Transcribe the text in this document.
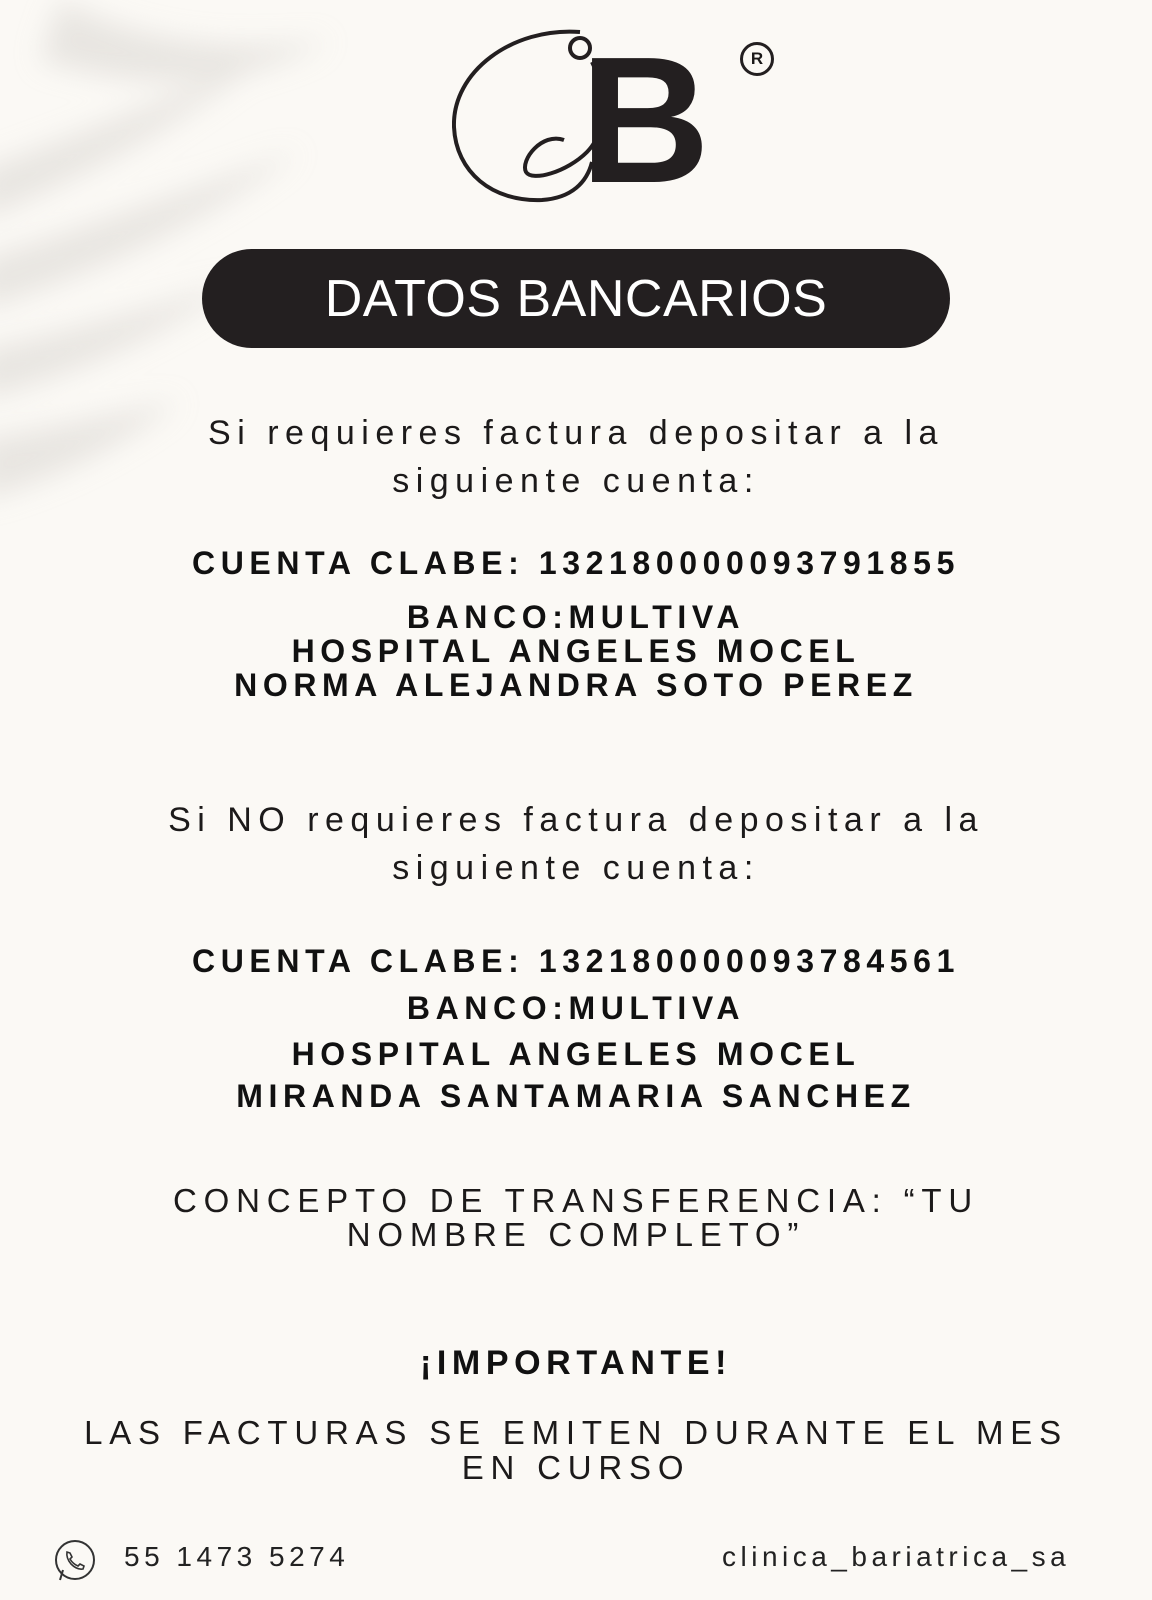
B R
DATOS BANCARIOS
Si requieres factura depositar a la
siguiente cuenta:
CUENTA CLABE: 132180000093791855
BANCO:MULTIVA
HOSPITAL ANGELES MOCEL
NORMA ALEJANDRA SOTO PEREZ
Si NO requieres factura depositar a la
siguiente cuenta:
CUENTA CLABE: 132180000093784561
BANCO:MULTIVA
HOSPITAL ANGELES MOCEL
MIRANDA SANTAMARIA SANCHEZ
CONCEPTO DE TRANSFERENCIA: “TU
NOMBRE COMPLETO”
¡IMPORTANTE!
LAS FACTURAS SE EMITEN DURANTE EL MES
EN CURSO
55 1473 5274	clinica_bariatrica_sa
